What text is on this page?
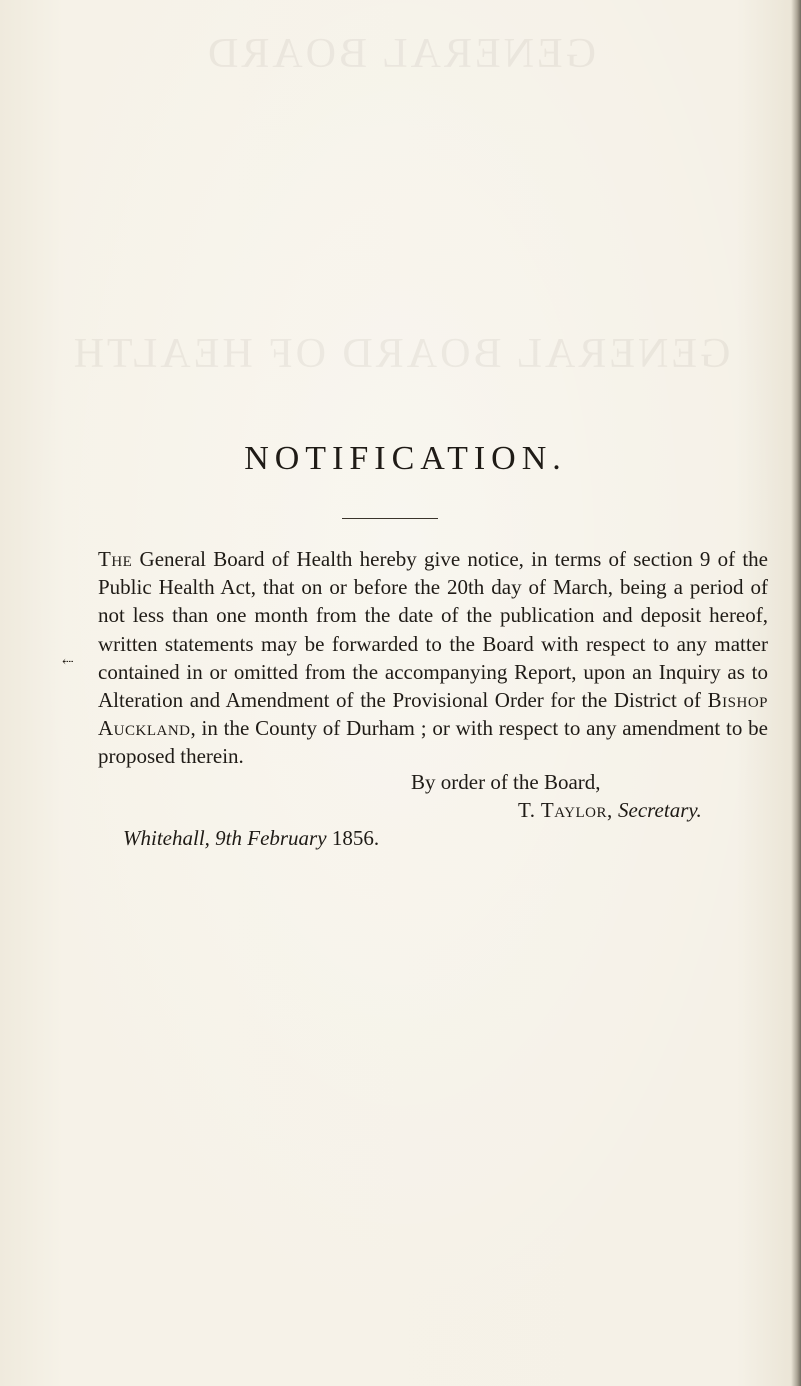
GENERAL BOARD
GENERAL BOARD OF HEALTH
NOTIFICATION.
⇠

The General Board of Health hereby give notice, in terms of section 9 of the Public Health Act, that on or before the 20th day of March, being a period of not less than one month from the date of the publication and deposit hereof, written statements may be forwarded to the Board with respect to any matter contained in or omitted from the accompanying Report, upon an Inquiry as to Alteration and Amendment of the Provisional Order for the District of Bishop Auckland, in the County of Durham ; or with respect to any amendment to be proposed therein.

By order of the Board,
T. Taylor, Secretary.
Whitehall, 9th February 1856.
